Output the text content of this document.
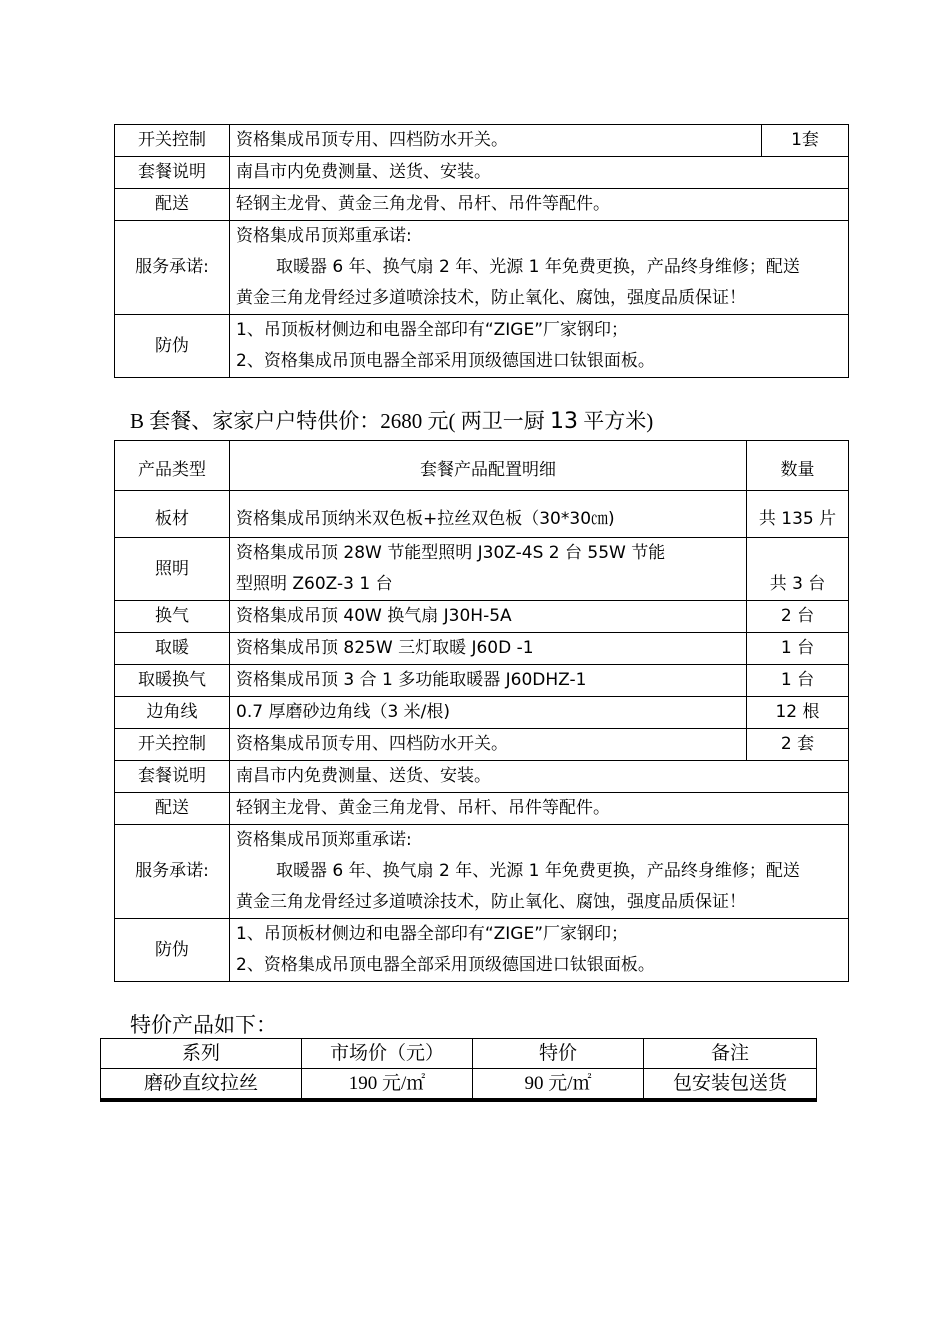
开关控制	资格集成吊顶专用、四档防水开关。	1套
套餐说明	南昌市内免费测量、送货、安装。	
配送	轻钢主龙骨、黄金三角龙骨、吊杆、吊件等配件。	
服务承诺:	资格集成吊顶郑重承诺:
取暖器 6 年、换气扇 2 年、光源 1 年免费更换，产品终身维修；配送
黄金三角龙骨经过多道喷涂技术，防止氧化、腐蚀，强度品质保证！	

防伪	1、吊顶板材侧边和电器全部印有“ZIGE”厂家钢印；
2、资格集成吊顶电器全部采用顶级德国进口钛银面板。	
B 套餐、家家户户特供价：2680 元( 两卫一厨 13 平方米)
产品类型	套餐产品配置明细	数量
板材	资格集成吊顶纳米双色板+拉丝双色板（30*30㎝)	共 135 片
照明	资格集成吊顶 28W 节能型照明 J30Z-4S 2 台 55W 节能
型照明 Z60Z-3 1 台	共 3 台
换气	资格集成吊顶 40W 换气扇 J30H-5A	2 台
取暖	资格集成吊顶 825W 三灯取暖 J60D -1	1 台
取暖换气	资格集成吊顶 3 合 1 多功能取暖器 J60DHZ-1	1 台
边角线	0.7 厚磨砂边角线（3 米/根)	12 根
开关控制	资格集成吊顶专用、四档防水开关。	2 套
套餐说明	南昌市内免费测量、送货、安装。	
配送	轻钢主龙骨、黄金三角龙骨、吊杆、吊件等配件。	
服务承诺:	资格集成吊顶郑重承诺:
取暖器 6 年、换气扇 2 年、光源 1 年免费更换，产品终身维修；配送
黄金三角龙骨经过多道喷涂技术，防止氧化、腐蚀，强度品质保证！	

防伪	1、吊顶板材侧边和电器全部印有“ZIGE”厂家钢印；
2、资格集成吊顶电器全部采用顶级德国进口钛银面板。	
特价产品如下：
系列	市场价（元）	特价	备注
磨砂直纹拉丝	190 元/㎡	90 元/㎡	包安装包送货
